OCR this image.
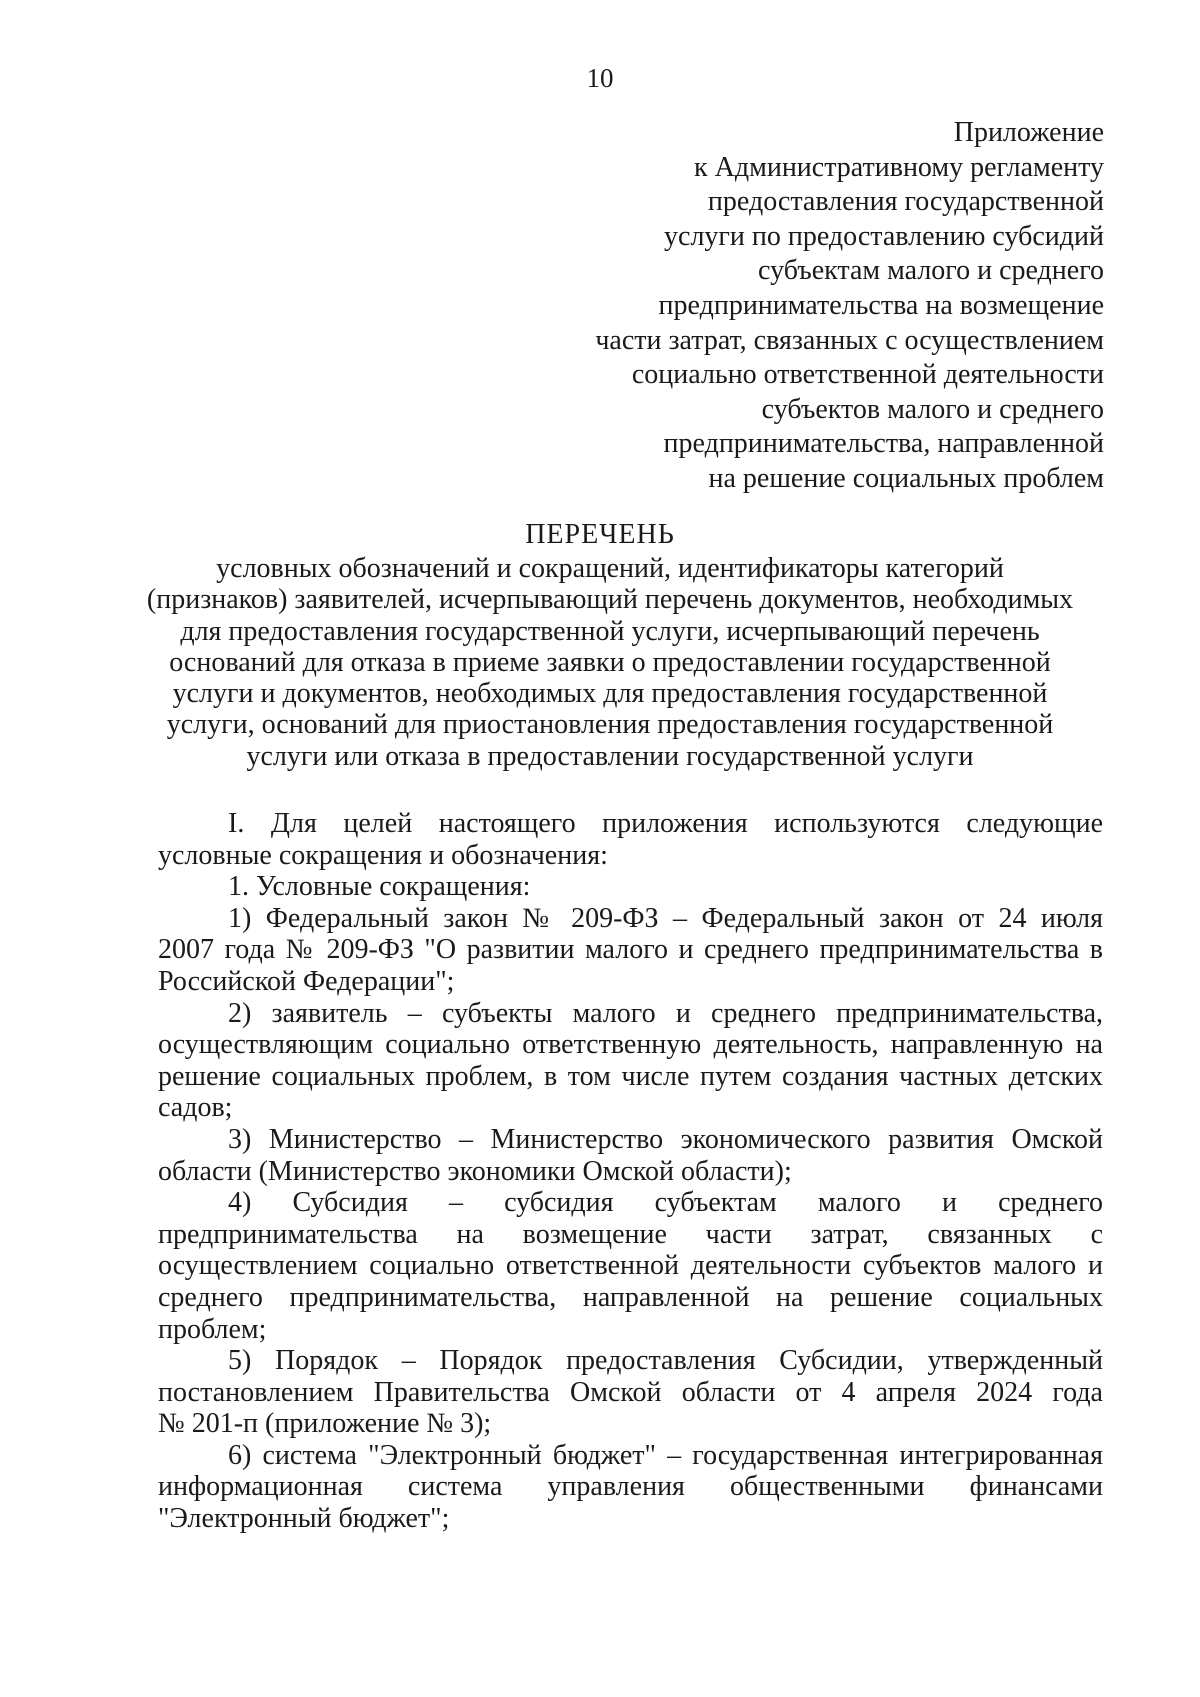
10
Приложение
к Административному регламенту
предоставления государственной
услуги по предоставлению субсидий
субъектам малого и среднего
предпринимательства на возмещение
части затрат, связанных с осуществлением
социально ответственной деятельности
субъектов малого и среднего
предпринимательства, направленной
на решение социальных проблем
ПЕРЕЧЕНЬ
условных обозначений и сокращений, идентификаторы категорий
(признаков) заявителей, исчерпывающий перечень документов, необходимых
для предоставления государственной услуги, исчерпывающий перечень
оснований для отказа в приеме заявки о предоставлении государственной
услуги и документов, необходимых для предоставления государственной
услуги, оснований для приостановления предоставления государственной
услуги или отказа в предоставлении государственной услуги
I. Для целей настоящего приложения используются следующие
условные сокращения и обозначения:
1. Условные сокращения:
1) Федеральный закон № 209-ФЗ – Федеральный закон от 24 июля
2007 года № 209-ФЗ "О развитии малого и среднего предпринимательства в
Российской Федерации";
2) заявитель – субъекты малого и среднего предпринимательства,
осуществляющим социально ответственную деятельность, направленную на
решение социальных проблем, в том числе путем создания частных детских
садов;
3) Министерство – Министерство экономического развития Омской
области (Министерство экономики Омской области);
4) Субсидия – субсидия субъектам малого и среднего
предпринимательства на возмещение части затрат, связанных с
осуществлением социально ответственной деятельности субъектов малого и
среднего предпринимательства, направленной на решение социальных
проблем;
5) Порядок – Порядок предоставления Субсидии, утвержденный
постановлением Правительства Омской области от 4 апреля 2024 года
№ 201-п (приложение № 3);
6) система "Электронный бюджет" – государственная интегрированная
информационная система управления общественными финансами
"Электронный бюджет";
